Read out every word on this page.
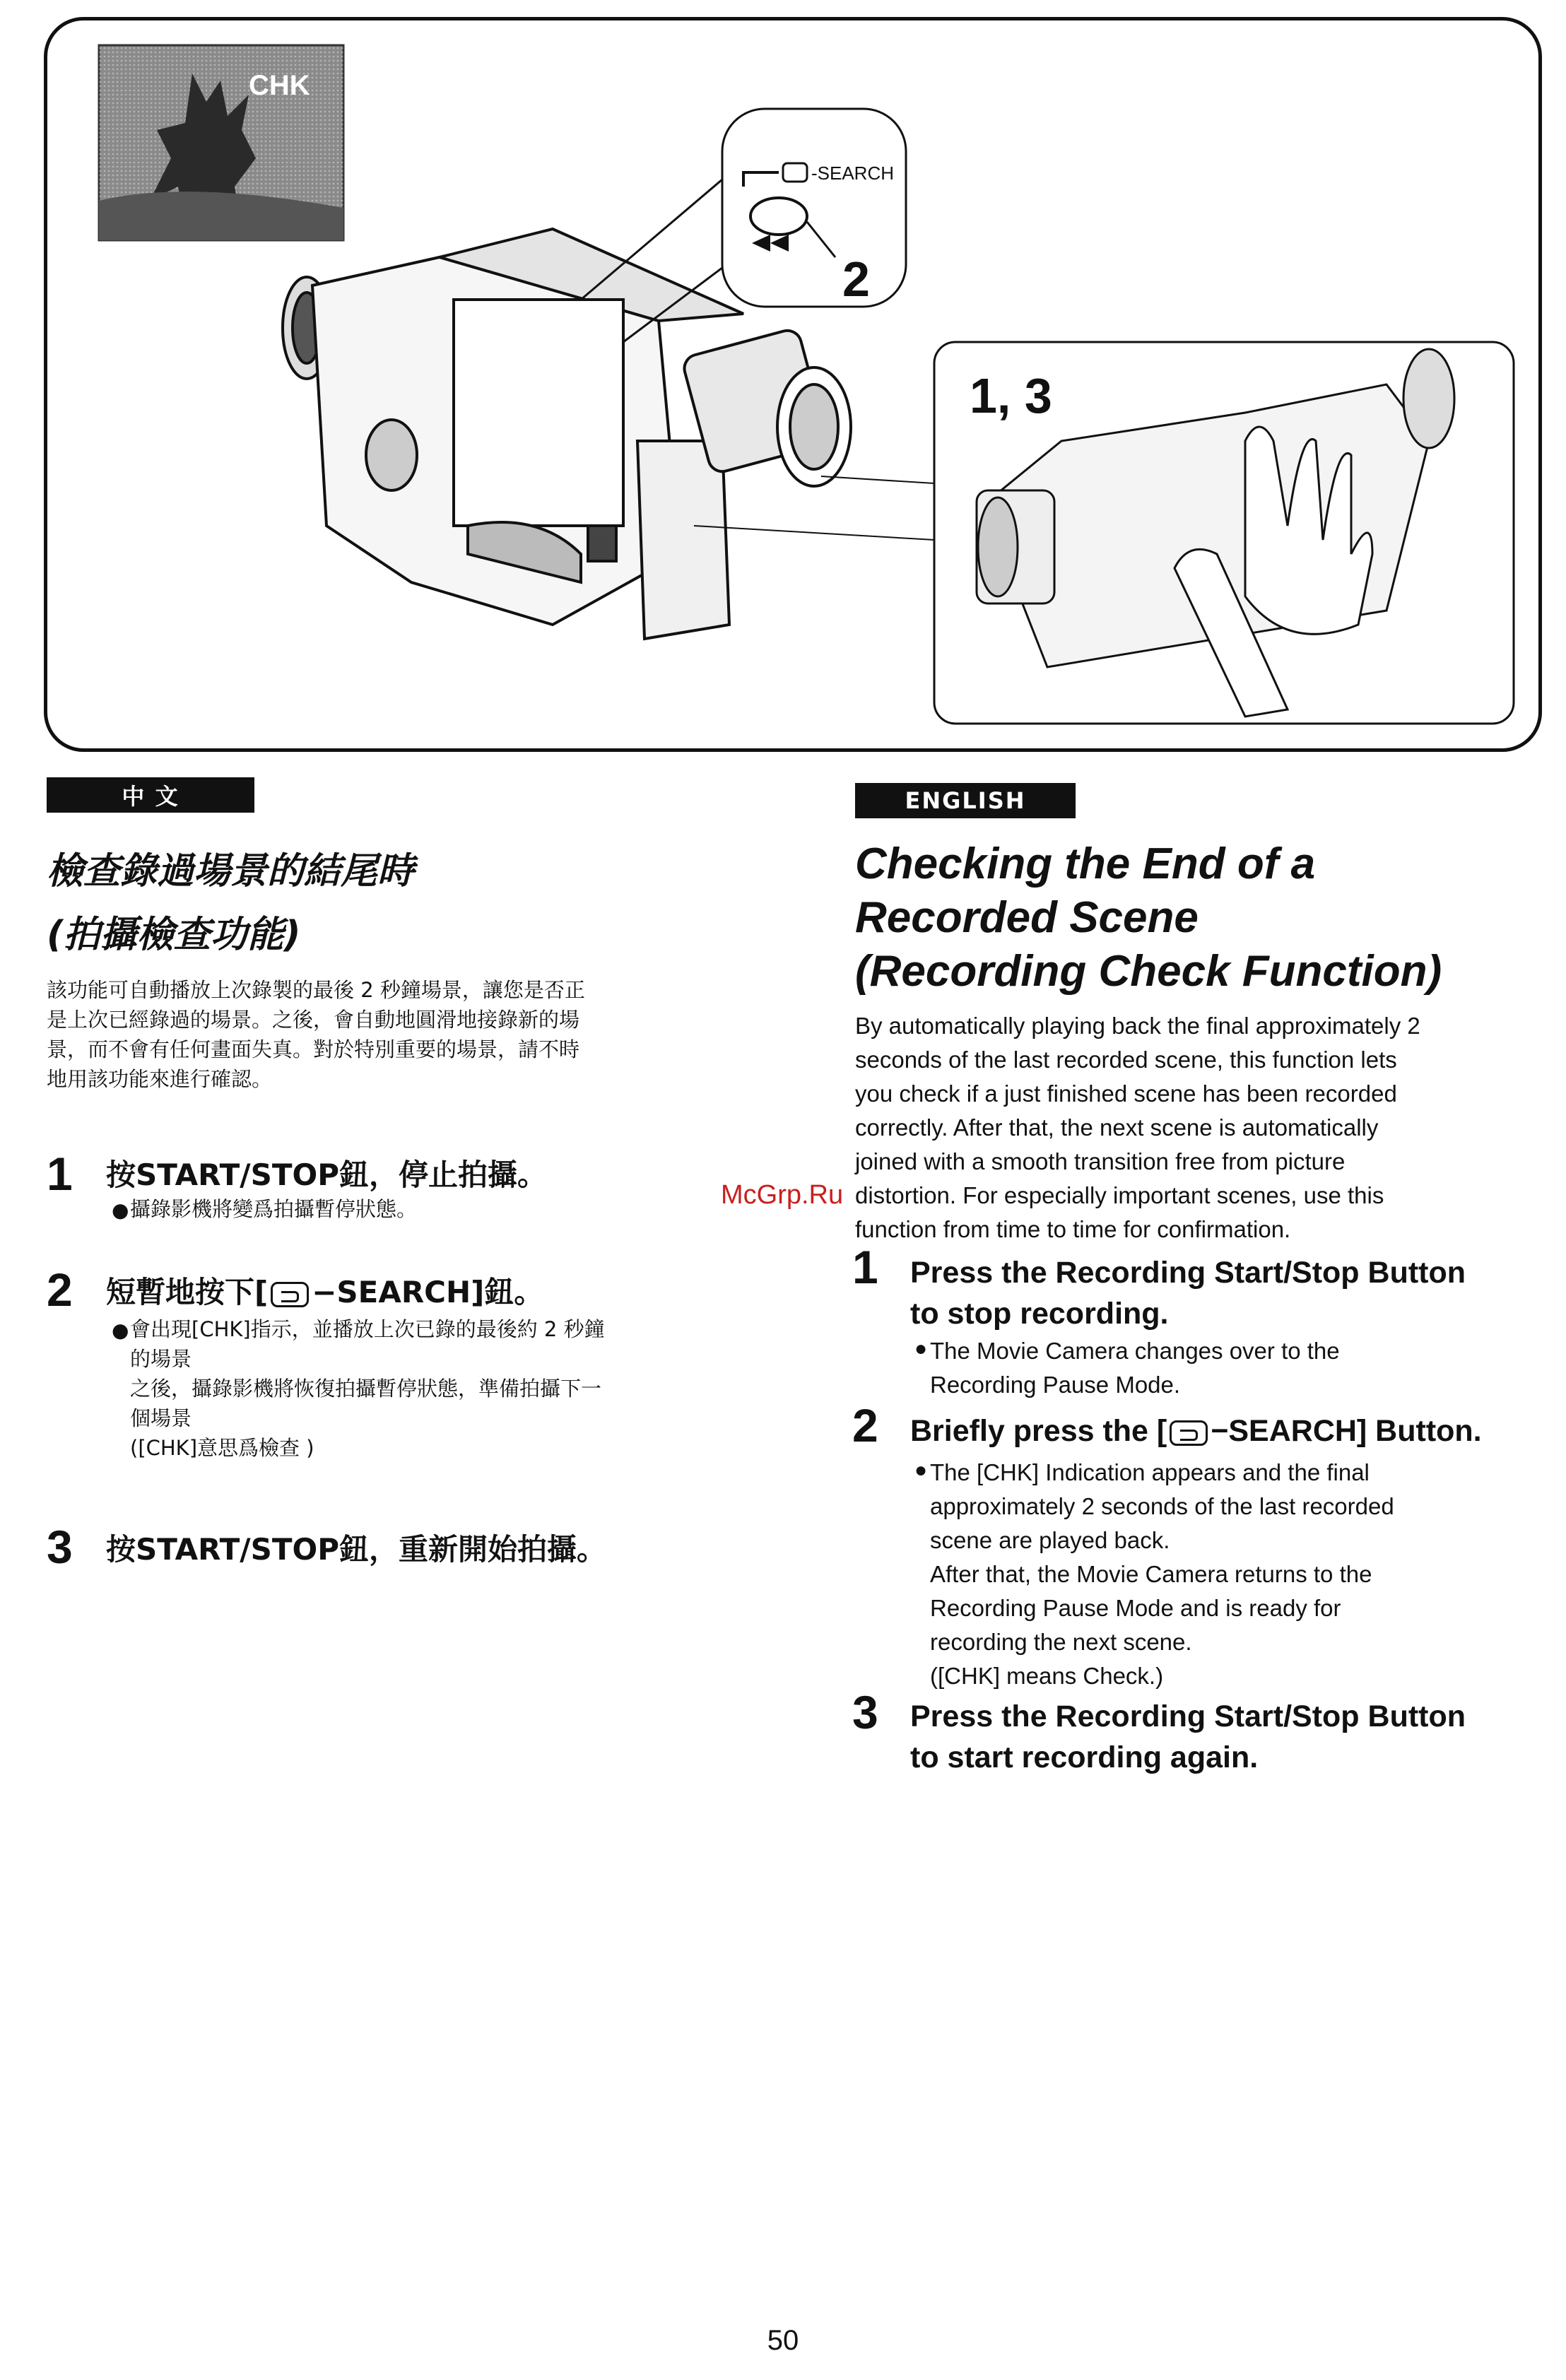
CHK
-SEARCH
2
1, 3
中 文
檢查錄過場景的結尾時
(拍攝檢查功能)
該功能可自動播放上次錄製的最後 2 秒鐘場景，讓您是否正
是上次已經錄過的場景。之後，會自動地圓滑地接錄新的場
景，而不會有任何畫面失真。對於特別重要的場景，請不時
地用該功能來進行確認。
1 按START/STOP鈕，停止拍攝。
● 攝錄影機將變爲拍攝暫停狀態。
2 短暫地按下[ −SEARCH]鈕。
● 會出現[CHK]指示，並播放上次已錄的最後約 2 秒鐘
的場景
之後，攝錄影機將恢復拍攝暫停狀態，準備拍攝下一
個場景
([CHK]意思爲檢查 )
3 按START/STOP鈕，重新開始拍攝。
McGrp.Ru
ENGLISH
Checking the End of a
Recorded Scene
(Recording Check Function)
By automatically playing back the final approximately 2
seconds of the last recorded scene, this function lets
you check if a just finished scene has been recorded
correctly. After that, the next scene is automatically
joined with a smooth transition free from picture
distortion. For especially important scenes, use this
function from time to time for confirmation.
1 Press the Recording Start/Stop Button
to stop recording.
● The Movie Camera changes over to the
Recording Pause Mode.
2 Briefly press the [ −SEARCH] Button.
● The [CHK] Indication appears and the final
approximately 2 seconds of the last recorded
scene are played back.
After that, the Movie Camera returns to the
Recording Pause Mode and is ready for
recording the next scene.
([CHK] means Check.)
3 Press the Recording Start/Stop Button
to start recording again.
50
